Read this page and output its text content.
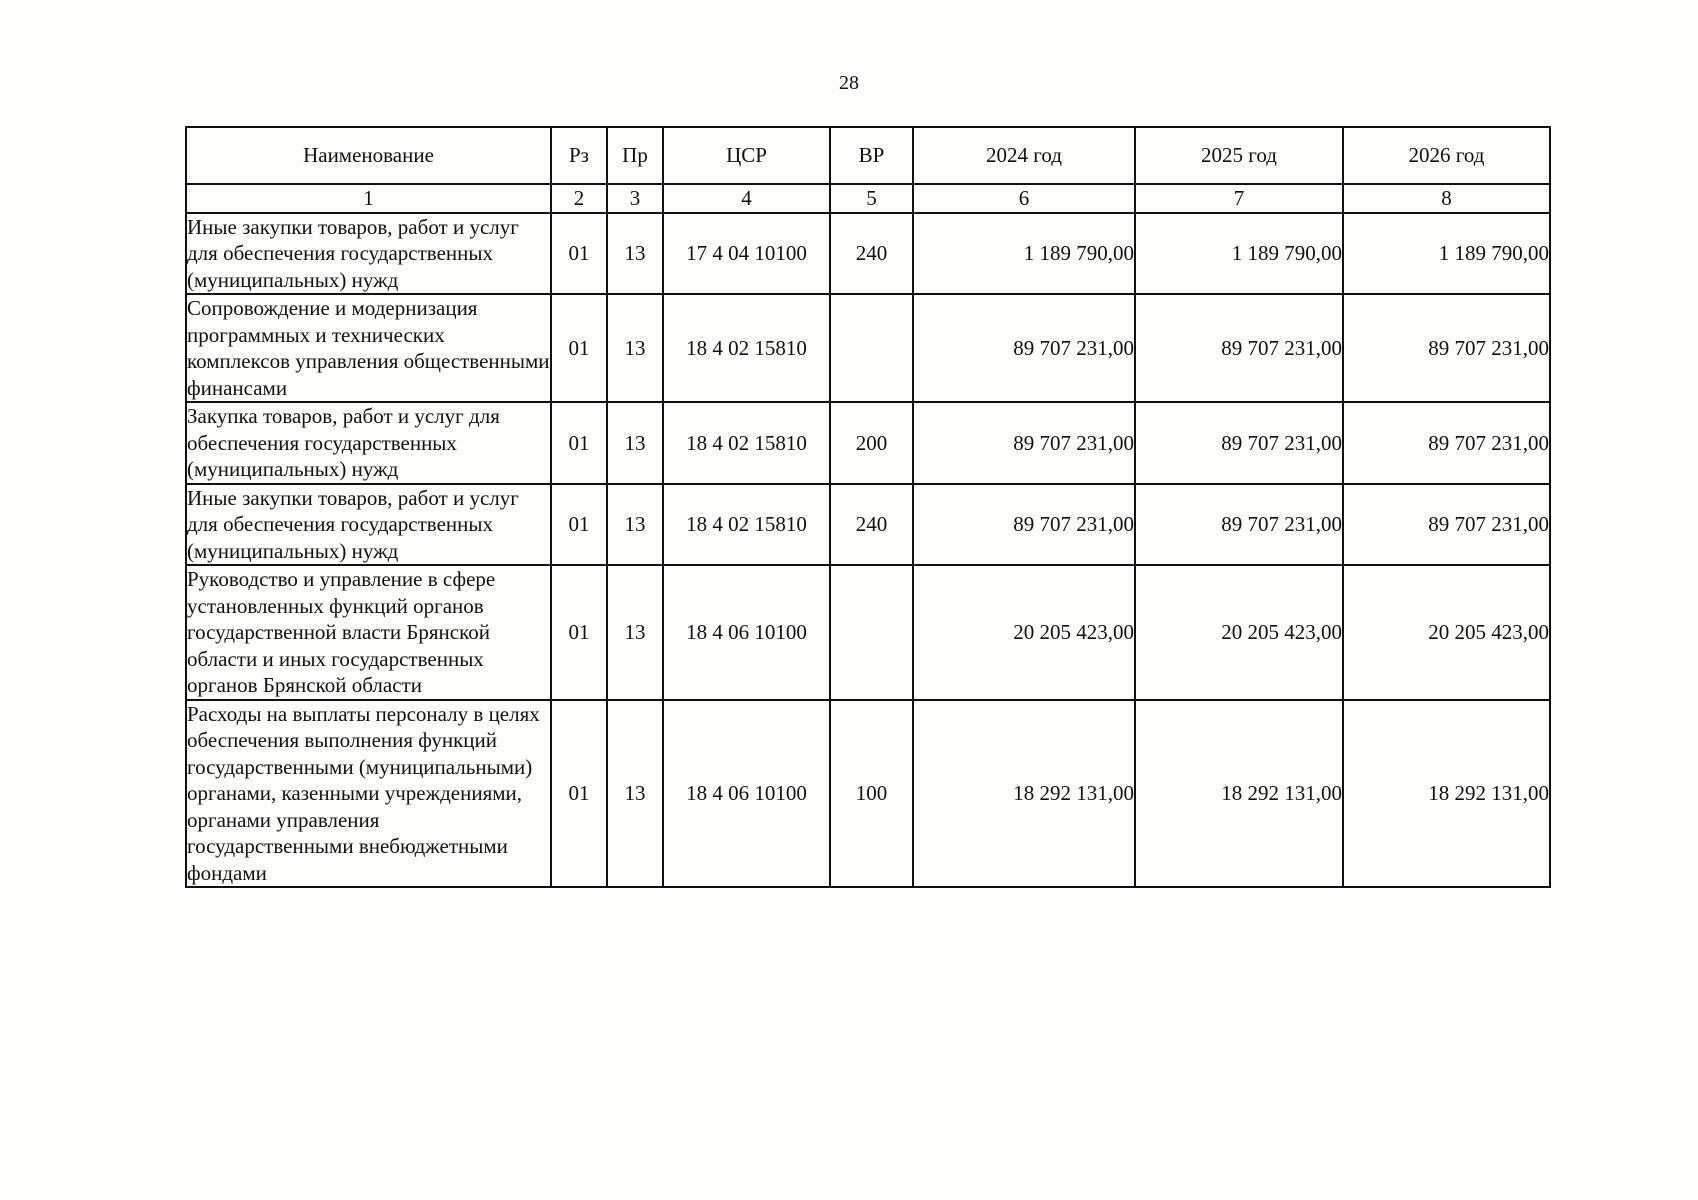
28
Наименование	Рз	Пр	ЦСР	ВР	2024 год	2025 год	2026 год
1	2	3	4	5	6	7	8
Иные закупки товаров, работ и услуг для обеспечения государственных (муниципальных) нужд	01	13	17 4 04 10100	240	1 189 790,00	1 189 790,00	1 189 790,00
Сопровождение и модернизация программных и технических комплексов управления общественными финансами	01	13	18 4 02 15810		89 707 231,00	89 707 231,00	89 707 231,00
Закупка товаров, работ и услуг для обеспечения государственных (муниципальных) нужд	01	13	18 4 02 15810	200	89 707 231,00	89 707 231,00	89 707 231,00
Иные закупки товаров, работ и услуг для обеспечения государственных (муниципальных) нужд	01	13	18 4 02 15810	240	89 707 231,00	89 707 231,00	89 707 231,00
Руководство и управление в сфере установленных функций органов государственной власти Брянской области и иных государственных органов Брянской области	01	13	18 4 06 10100		20 205 423,00	20 205 423,00	20 205 423,00
Расходы на выплаты персоналу в целях обеспечения выполнения функций государственными (муниципальными) органами, казенными учреждениями, органами управления государственными внебюджетными фондами	01	13	18 4 06 10100	100	18 292 131,00	18 292 131,00	18 292 131,00
